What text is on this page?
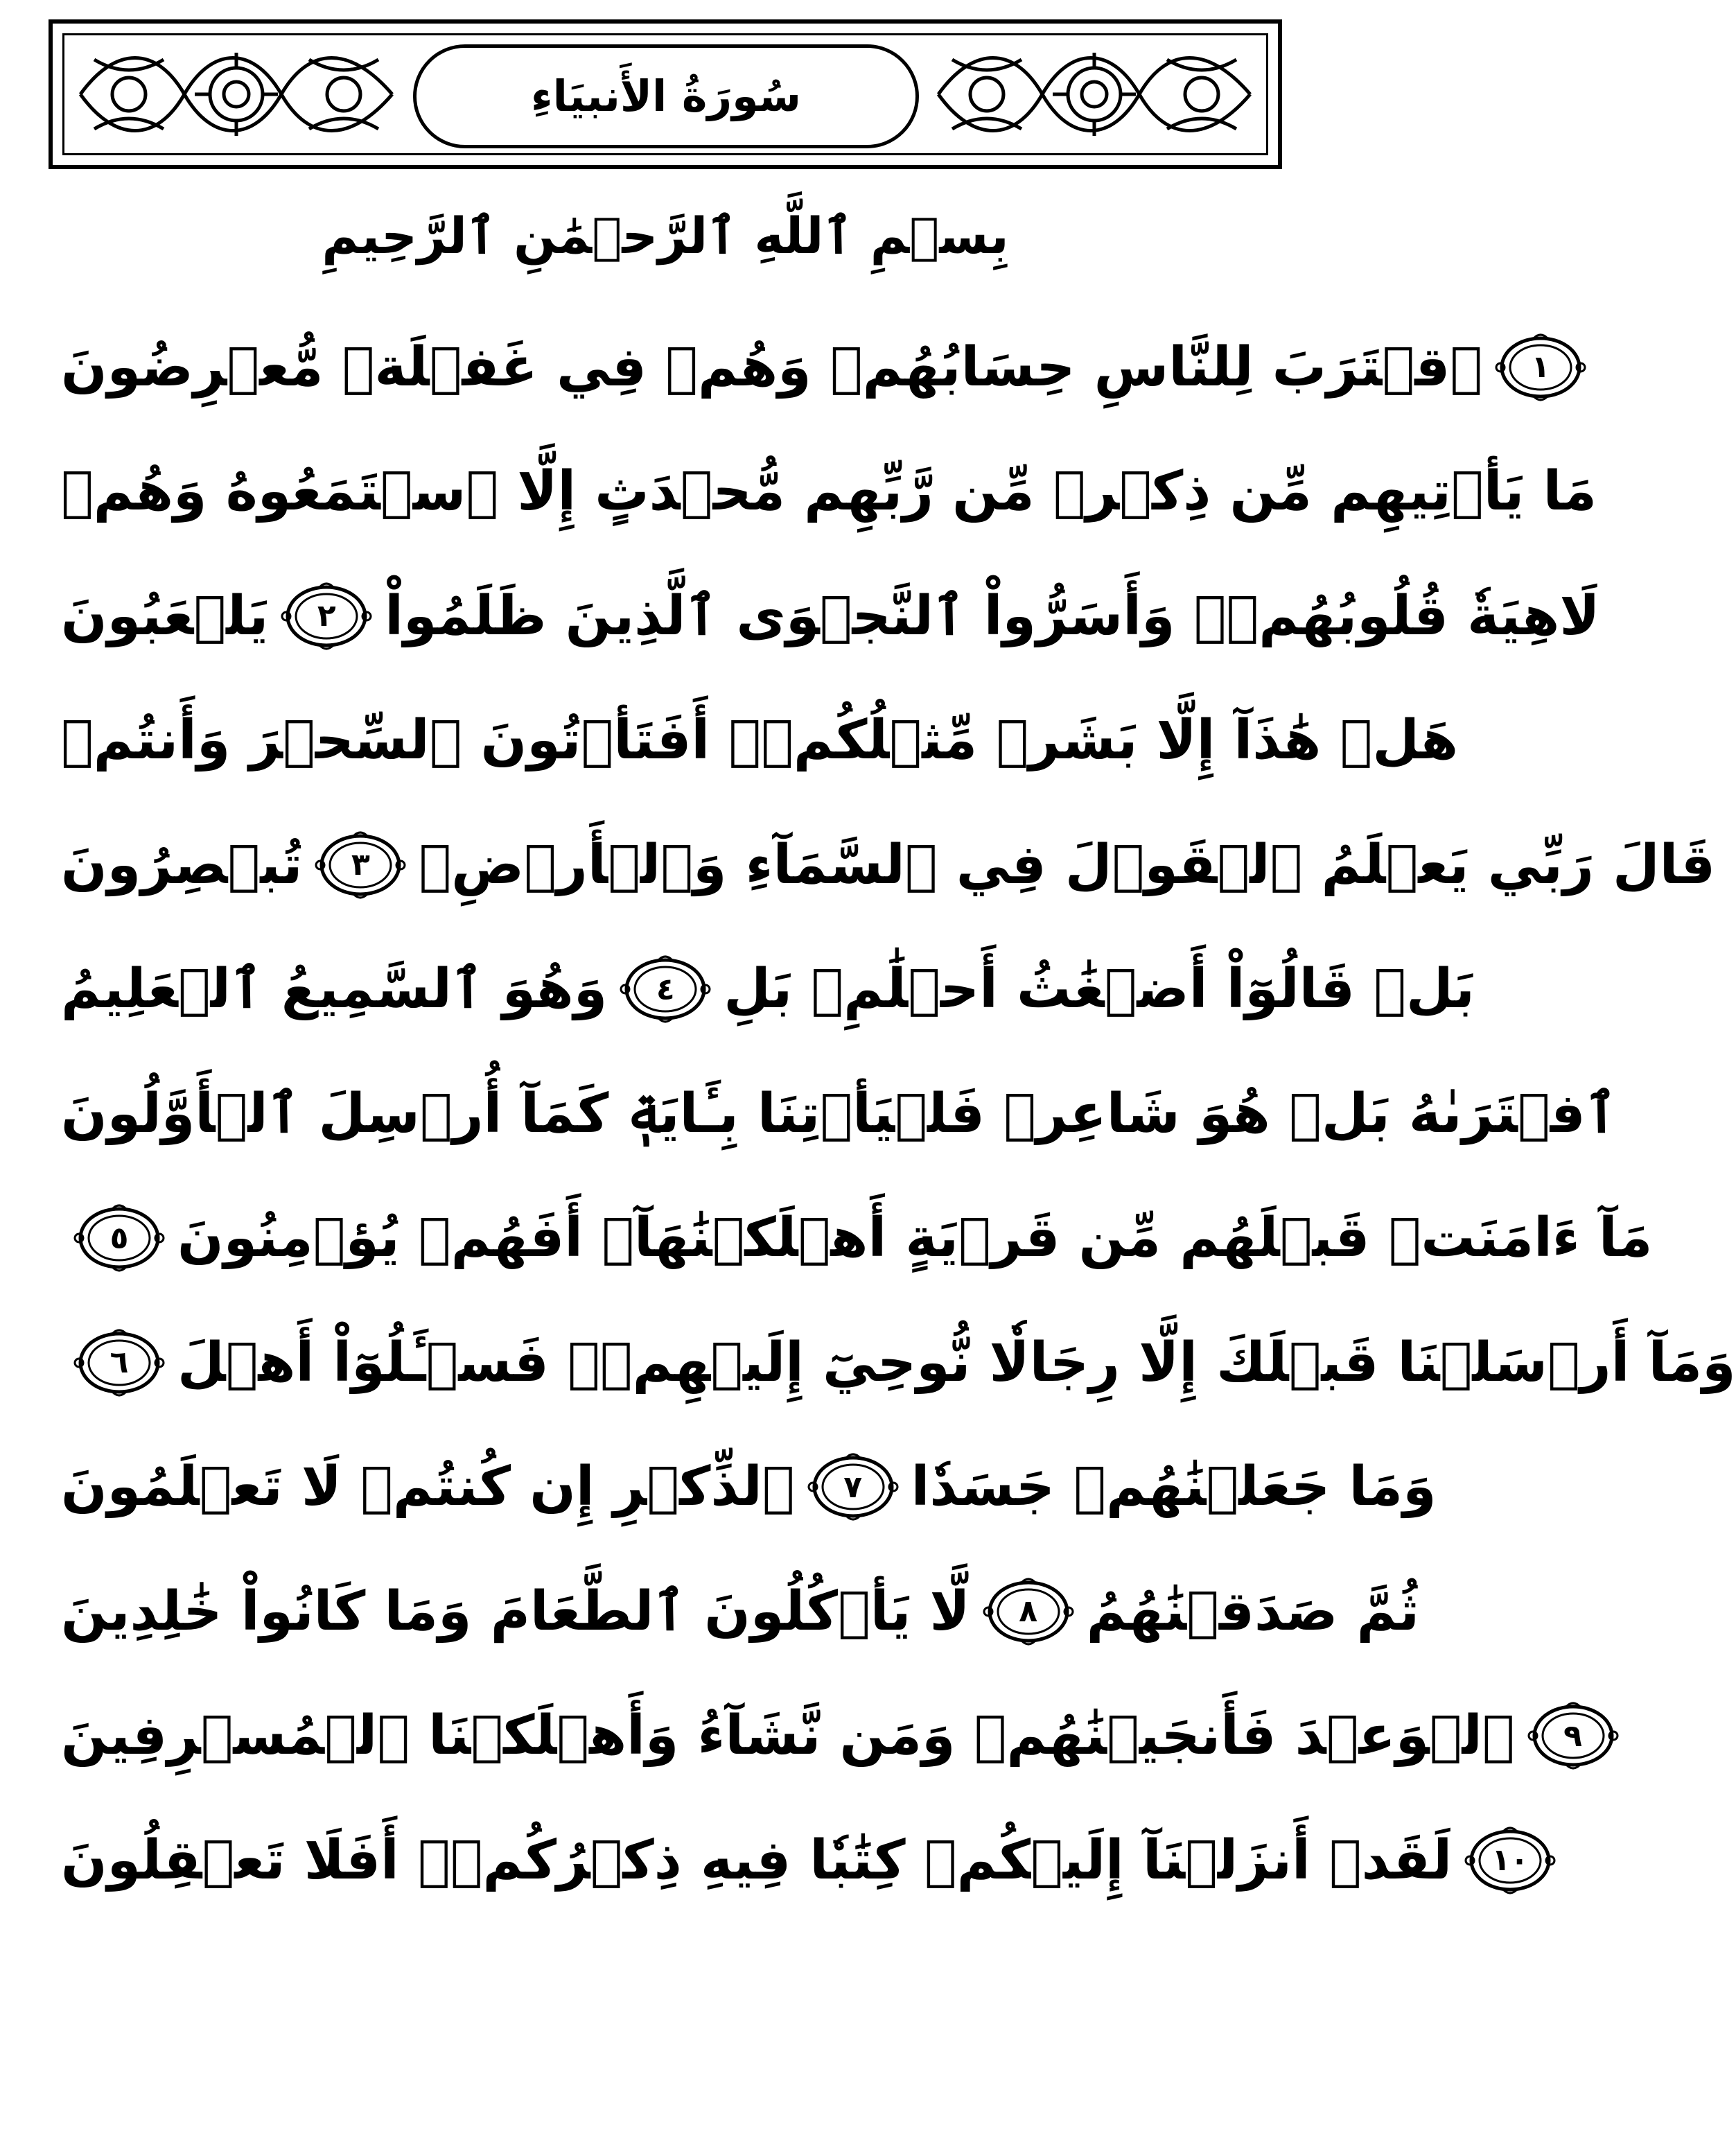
سُورَةُ الأَنبيَاءِ
بِسۡمِ ٱللَّهِ ٱلرَّحۡمَٰنِ ٱلرَّحِيمِ
ٱقۡتَرَبَ لِلنَّاسِ حِسَابُهُمۡ وَهُمۡ فِي غَفۡلَةٖ مُّعۡرِضُونَ	١
مَا يَأۡتِيهِم مِّن ذِكۡرٖ مِّن رَّبِّهِم مُّحۡدَثٍ إِلَّا ٱسۡتَمَعُوهُ وَهُمۡ
يَلۡعَبُونَ	٢ لَاهِيَةٗ قُلُوبُهُمۡۗ وَأَسَرُّواْ ٱلنَّجۡوَى ٱلَّذِينَ ظَلَمُواْ
هَلۡ هَٰذَآ إِلَّا بَشَرٞ مِّثۡلُكُمۡۖ أَفَتَأۡتُونَ ٱلسِّحۡرَ وَأَنتُمۡ
تُبۡصِرُونَ	٣ قَالَ رَبِّي يَعۡلَمُ ٱلۡقَوۡلَ فِي ٱلسَّمَآءِ وَٱلۡأَرۡضِۖ
وَهُوَ ٱلسَّمِيعُ ٱلۡعَلِيمُ	٤ بَلۡ قَالُوٓاْ أَضۡغَٰثُ أَحۡلَٰمِۭ بَلِ
ٱفۡتَرَىٰهُ بَلۡ هُوَ شَاعِرٞ فَلۡيَأۡتِنَا بِـَٔايَةٖ كَمَآ أُرۡسِلَ ٱلۡأَوَّلُونَ
٥ مَآ ءَامَنَتۡ قَبۡلَهُم مِّن قَرۡيَةٍ أَهۡلَكۡنَٰهَآۖ أَفَهُمۡ يُؤۡمِنُونَ
٦ وَمَآ أَرۡسَلۡنَا قَبۡلَكَ إِلَّا رِجَالٗا نُّوحِيٓ إِلَيۡهِمۡۖ فَسۡـَٔلُوٓاْ أَهۡلَ
ٱلذِّكۡرِ إِن كُنتُمۡ لَا تَعۡلَمُونَ	٧ وَمَا جَعَلۡنَٰهُمۡ جَسَدٗا
لَّا يَأۡكُلُونَ ٱلطَّعَامَ وَمَا كَانُواْ خَٰلِدِينَ	٨ ثُمَّ صَدَقۡنَٰهُمُ
ٱلۡوَعۡدَ فَأَنجَيۡنَٰهُمۡ وَمَن نَّشَآءُ وَأَهۡلَكۡنَا ٱلۡمُسۡرِفِينَ	٩
لَقَدۡ أَنزَلۡنَآ إِلَيۡكُمۡ كِتَٰبٗا فِيهِ ذِكۡرُكُمۡۚ أَفَلَا تَعۡقِلُونَ	١٠
